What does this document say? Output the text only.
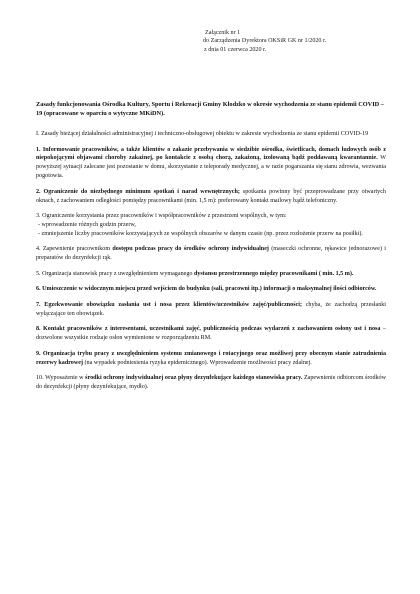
Załącznik nr 1
do Zarządzenia Dyrektora OKSiR GK nr 1/2020 r.
z dnia 01 czerwca 2020 r.
Zasady funkcjonowania Ośrodka Kultury, Sportu i Rekreacji Gminy Kłodzko w okresie wychodzenia ze stanu epidemii COVID – 19 (opracowane w oparciu o wytyczne MKiDN).

I. Zasady bieżącej działalności administracyjnej i techniczno-obsługowej obiektu w zakresie wychodzenia ze stanu epidemii COVID-19

1. Informowanie pracowników, a także klientów o zakazie przebywania w siedzibie ośrodka, świetlicach, domach ludowych osób z niepokojącymi objawami choroby zakaźnej, po kontakcie z osobą chorą, zakażoną, izolowaną bądź poddawaną kwarantannie. W powyższej sytuacji zalecane jest pozostanie w domu, skorzystanie z teleporady medycznej, a w razie pogarszania się stanu zdrowia, wezwania pogotowia.

2. Ograniczenie do niezbędnego minimum spotkań i narad wewnętrznych; spotkania powinny być przeprowadzane przy otwartych oknach, z zachowaniem odległości pomiędzy pracownikami (min. 1,5 m): preferowany kontakt mailowy bądź telefoniczny.

3. Ograniczenie korzystania przez pracowników i współpracowników z przestrzeni wspólnych, w tym:

- wprowadzenie różnych godzin przerw,

- zmniejszenie liczby pracowników korzystających ze wspólnych obszarów w danym czasie (np. przez rozłożenie przerw na posiłki).

4. Zapewnienie pracownikom dostępu podczas pracy do środków ochrony indywidualnej (maseczki ochronne, rękawice jednorazowe) i preparatów do dezynfekcji rąk.

5. Organizacja stanowisk pracy z uwzględnieniem wymaganego dystansu przestrzennego między pracownikami ( min. 1,5 m).

6. Umieszczenie w widocznym miejscu przed wejściem do budynku (sali, pracowni itp.) informacji o maksymalnej ilości odbiorców.

7. Egzekwowanie obowiązku zasłania ust i nosa przez klientów/uczestników zajęć/publiczności; chyba, że zachodzą przesłanki wyłączające ten obowiązek.

8. Kontakt pracowników z interesentami, uczestnikami zajęć, publicznością podczas wydarzeń z zachowaniem osłony ust i nosa – dozwolone wszystkie rodzaje osłon wymienione w rozporządzeniu RM.

9. Organizacja trybu pracy z uwzględnieniem systemu zmianowego i rotacyjnego oraz możliwej przy obecnym stanie zatrudnienia rezerwy kadrowej (na wypadek podniesienia ryzyka epidemicznego). Wprowadzenie możliwości pracy zdalnej.

10. Wyposażenie w środki ochrony indywidualnej oraz płyny dezynfekujące każdego stanowiska pracy. Zapewnienie odbiorcom środków do dezynfekcji (płyny dezynfekujące, mydło).
